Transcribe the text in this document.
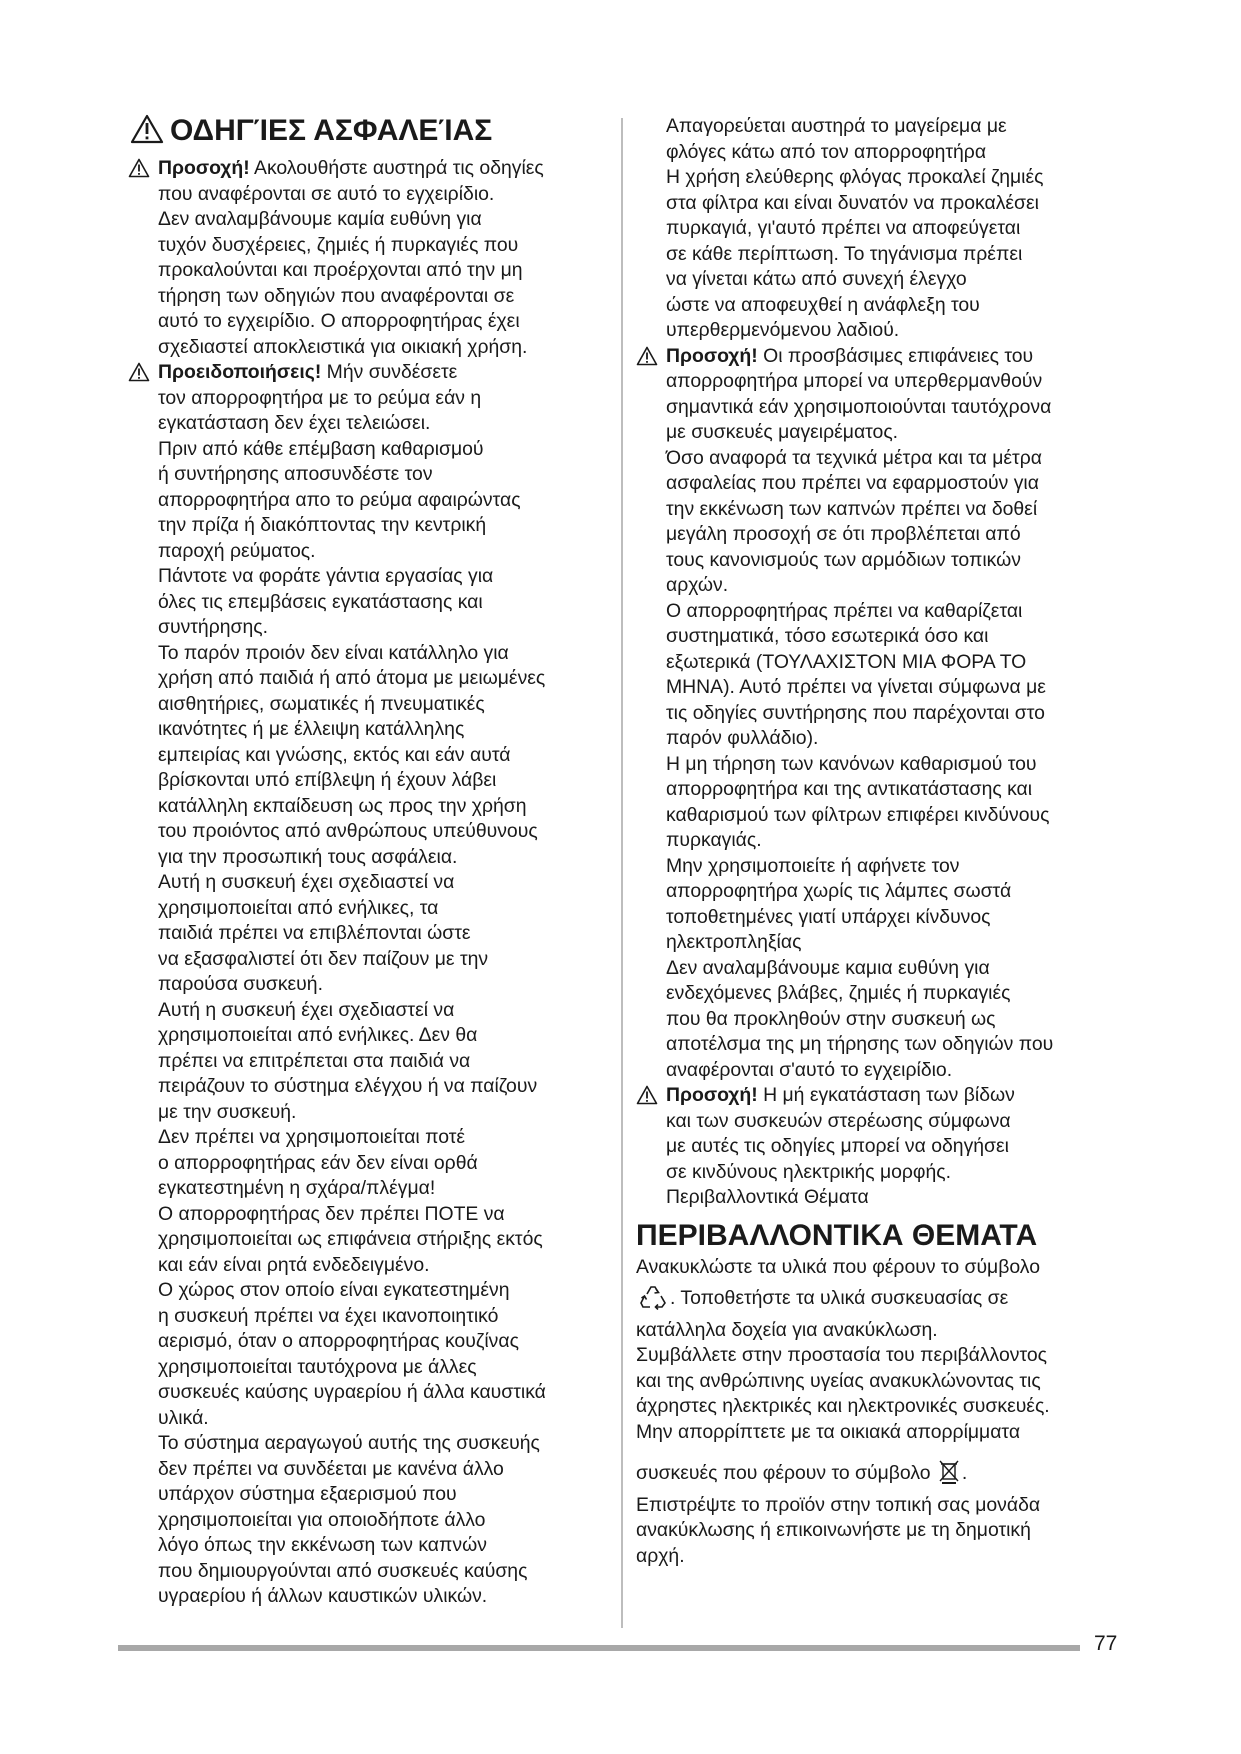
ΟΔΗΓΊΕΣ ΑΣΦΑΛΕΊΑΣ

Προσοχή! Ακολουθήστε αυστηρά τις οδηγίες

που αναφέρονται σε αυτό το εγχειρίδιο.

Δεν αναλαμβάνουμε καμία ευθύνη για

τυχόν δυσχέρειες, ζημιές ή πυρκαγιές που

προκαλούνται και προέρχονται από την μη

τήρηση των οδηγιών που αναφέρονται σε

αυτό το εγχειρίδιο. Ο απορροφητήρας έχει

σχεδιαστεί αποκλειστικά για οικιακή χρήση.

Προειδοποιήσεις! Μήν συνδέσετε

τον απορροφητήρα με το ρεύμα εάν η

εγκατάσταση δεν έχει τελειώσει.

Πριν από κάθε επέμβαση καθαρισμού

ή συντήρησης αποσυνδέστε τον

απορροφητήρα απο το ρεύμα αφαιρώντας

την πρίζα ή διακόπτοντας την κεντρική

παροχή ρεύματος.

Πάντοτε να φοράτε γάντια εργασίας για

όλες τις επεμβάσεις εγκατάστασης και

συντήρησης.

Το παρόν προιόν δεν είναι κατάλληλο για

χρήση από παιδιά ή από άτομα με μειωμένες

αισθητήριες, σωματικές ή πνευματικές

ικανότητες ή με έλλειψη κατάλληλης

εμπειρίας και γνώσης, εκτός και εάν αυτά

βρίσκονται υπό επίβλεψη ή έχουν λάβει

κατάλληλη εκπαίδευση ως προς την χρήση

του προιόντος από ανθρώπους υπεύθυνους

για την προσωπική τους ασφάλεια.

Αυτή η συσκευή έχει σχεδιαστεί να

χρησιμοποιείται από ενήλικες, τα

παιδιά πρέπει να επιβλέπονται ώστε

να εξασφαλιστεί ότι δεν παίζουν με την

παρούσα συσκευή.

Αυτή η συσκευή έχει σχεδιαστεί να

χρησιμοποιείται από ενήλικες. Δεν θα

πρέπει να επιτρέπεται στα παιδιά να

πειράζουν το σύστημα ελέγχου ή να παίζουν

με την συσκευή.

Δεν πρέπει να χρησιμοποιείται ποτέ

ο απορροφητήρας εάν δεν είναι ορθά

εγκατεστημένη η σχάρα/πλέγμα!

Ο απορροφητήρας δεν πρέπει ΠΟΤΕ να

χρησιμοποιείται ως επιφάνεια στήριξης εκτός

και εάν είναι ρητά ενδεδειγμένο.

Ο χώρος στον οποίο είναι εγκατεστημένη

η συσκευή πρέπει να έχει ικανοποιητικό

αερισμό, όταν ο απορροφητήρας κουζίνας

χρησιμοποιείται ταυτόχρονα με άλλες

συσκευές καύσης υγραερίου ή άλλα καυστικά

υλικά.

Το σύστημα αεραγωγού αυτής της συσκευής

δεν πρέπει να συνδέεται με κανένα άλλο

υπάρχον σύστημα εξαερισμού που

χρησιμοποιείται για οποιοδήποτε άλλο

λόγο όπως την εκκένωση των καπνών

που δημιουργούνται από συσκευές καύσης

υγραερίου ή άλλων καυστικών υλικών.

Απαγορεύεται αυστηρά το μαγείρεμα με

φλόγες κάτω από τον απορροφητήρα

Η χρήση ελεύθερης φλόγας προκαλεί ζημιές

στα φίλτρα και είναι δυνατόν να προκαλέσει

πυρκαγιά, γι'αυτό πρέπει να αποφεύγεται

σε κάθε περίπτωση. Το τηγάνισμα πρέπει

να γίνεται κάτω από συνεχή έλεγχο

ώστε να αποφευχθεί η ανάφλεξη του

υπερθερμενόμενου λαδιού.

Προσοχή! Οι προσβάσιμες επιφάνειες του

απορροφητήρα μπορεί να υπερθερμανθούν

σημαντικά εάν χρησιμοποιούνται ταυτόχρονα

με συσκευές μαγειρέματος.

Όσο αναφορά τα τεχνικά μέτρα και τα μέτρα

ασφαλείας που πρέπει να εφαρμοστούν για

την εκκένωση των καπνών πρέπει να δοθεί

μεγάλη προσοχή σε ότι προβλέπεται από

τους κανονισμούς των αρμόδιων τοπικών

αρχών.

Ο απορροφητήρας πρέπει να καθαρίζεται

συστηματικά, τόσο εσωτερικά όσο και

εξωτερικά (ΤΟΥΛΑΧΙΣΤΟΝ ΜΙΑ ΦΟΡΑ ΤΟ

ΜΗΝΑ). Αυτό πρέπει να γίνεται σύμφωνα με

τις οδηγίες συντήρησης που παρέχονται στο

παρόν φυλλάδιο).

Η μη τήρηση των κανόνων καθαρισμού του

απορροφητήρα και της αντικατάστασης και

καθαρισμού των φίλτρων επιφέρει κινδύνους

πυρκαγιάς.

Μην χρησιμοποιείτε ή αφήνετε τον

απορροφητήρα χωρίς τις λάμπες σωστά

τοποθετημένες γιατί υπάρχει κίνδυνος

ηλεκτροπληξίας

Δεν αναλαμβάνουμε καμια ευθύνη για

ενδεχόμενες βλάβες, ζημιές ή πυρκαγιές

που θα προκληθούν στην συσκευή ως

αποτέλσμα της μη τήρησης των οδηγιών που

αναφέρονται σ'αυτό το εγχειρίδιο.

Προσοχή! Η μή εγκατάσταση των βίδων

και των συσκευών στερέωσης σύμφωνα

με αυτές τις οδηγίες μπορεί να οδηγήσει

σε κινδύνους ηλεκτρικής μορφής.

Περιβαλλοντικά Θέματα

ΠΕΡΙΒΑΛΛΟΝΤΙΚΑ ΘΕΜΑΤΑ

Ανακυκλώστε τα υλικά που φέρουν το σύμβολο

. Τοποθετήστε τα υλικά συσκευασίας σε

κατάλληλα δοχεία για ανακύκλωση.

Συμβάλλετε στην προστασία του περιβάλλοντος

και της ανθρώπινης υγείας ανακυκλώνοντας τις

άχρηστες ηλεκτρικές και ηλεκτρονικές συσκευές.

Μην απορρίπτετε με τα οικιακά απορρίμματα

συσκευές που φέρουν το σύμβολο .

Επιστρέψτε το προϊόν στην τοπική σας μονάδα

ανακύκλωσης ή επικοινωνήστε με τη δημοτική

αρχή.

77
